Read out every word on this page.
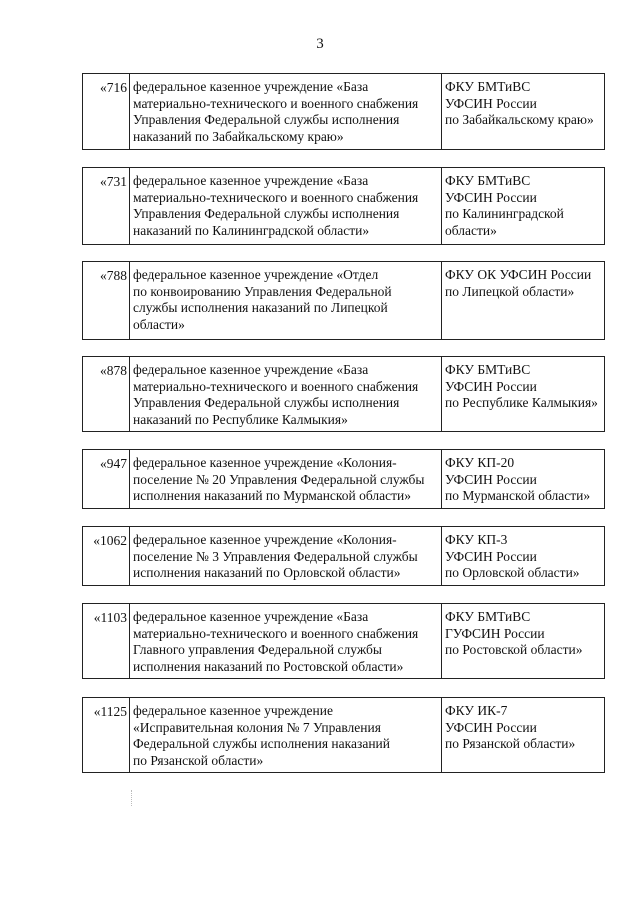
3
«716 федеральное казенное учреждение «База
материально-технического и военного снабжения
Управления Федеральной службы исполнения
наказаний по Забайкальскому краю»
ФКУ БМТиВС
УФСИН России
по Забайкальскому краю»
«731 федеральное казенное учреждение «База
материально-технического и военного снабжения
Управления Федеральной службы исполнения
наказаний по Калининградской области»
ФКУ БМТиВС
УФСИН России
по Калининградской
области»
«788 федеральное казенное учреждение «Отдел
по конвоированию Управления Федеральной
службы исполнения наказаний по Липецкой
области»
ФКУ ОК УФСИН России
по Липецкой области»
«878 федеральное казенное учреждение «База
материально-технического и военного снабжения
Управления Федеральной службы исполнения
наказаний по Республике Калмыкия»
ФКУ БМТиВС
УФСИН России
по Республике Калмыкия»
«947 федеральное казенное учреждение «Колония-
поселение № 20 Управления Федеральной службы
исполнения наказаний по Мурманской области»
ФКУ КП-20
УФСИН России
по Мурманской области»
«1062 федеральное казенное учреждение «Колония-
поселение № 3 Управления Федеральной службы
исполнения наказаний по Орловской области»
ФКУ КП-3
УФСИН России
по Орловской области»
«1103 федеральное казенное учреждение «База
материально-технического и военного снабжения
Главного управления Федеральной службы
исполнения наказаний по Ростовской области»
ФКУ БМТиВС
ГУФСИН России
по Ростовской области»
«1125 федеральное казенное учреждение
«Исправительная колония № 7 Управления
Федеральной службы исполнения наказаний
по Рязанской области»
ФКУ ИК-7
УФСИН России
по Рязанской области»
